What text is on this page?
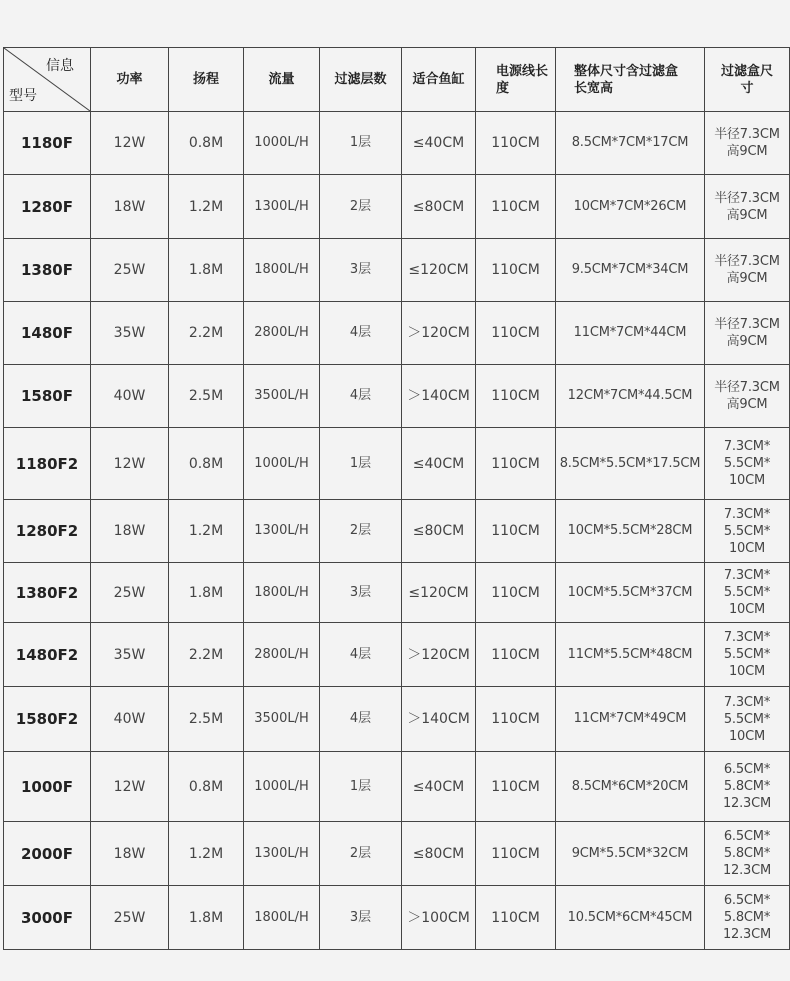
信息
型号	功率	扬程	流量	过滤层数	适合鱼缸	电源线长度	整体尺寸含过滤盒长宽高	过滤盒尺寸
1180F	12W	0.8M	1000L/H	1层	≤40CM	110CM	8.5CM*7CM*17CM	半径7.3CM
高9CM

1280F	18W	1.2M	1300L/H	2层	≤80CM	110CM	10CM*7CM*26CM	半径7.3CM
高9CM

1380F	25W	1.8M	1800L/H	3层	≤120CM	110CM	9.5CM*7CM*34CM	半径7.3CM
高9CM

1480F	35W	2.2M	2800L/H	4层	＞120CM	110CM	11CM*7CM*44CM	半径7.3CM
高9CM

1580F	40W	2.5M	3500L/H	4层	＞140CM	110CM	12CM*7CM*44.5CM	半径7.3CM
高9CM

1180F2	12W	0.8M	1000L/H	1层	≤40CM	110CM	8.5CM*5.5CM*17.5CM	7.3CM*
5.5CM*
10CM

1280F2	18W	1.2M	1300L/H	2层	≤80CM	110CM	10CM*5.5CM*28CM	7.3CM*
5.5CM*
10CM

1380F2	25W	1.8M	1800L/H	3层	≤120CM	110CM	10CM*5.5CM*37CM	7.3CM*
5.5CM*
10CM

1480F2	35W	2.2M	2800L/H	4层	＞120CM	110CM	11CM*5.5CM*48CM	7.3CM*
5.5CM*
10CM

1580F2	40W	2.5M	3500L/H	4层	＞140CM	110CM	11CM*7CM*49CM	7.3CM*
5.5CM*
10CM

1000F	12W	0.8M	1000L/H	1层	≤40CM	110CM	8.5CM*6CM*20CM	6.5CM*
5.8CM*
12.3CM

2000F	18W	1.2M	1300L/H	2层	≤80CM	110CM	9CM*5.5CM*32CM	6.5CM*
5.8CM*
12.3CM

3000F	25W	1.8M	1800L/H	3层	＞100CM	110CM	10.5CM*6CM*45CM	6.5CM*
5.8CM*
12.3CM
